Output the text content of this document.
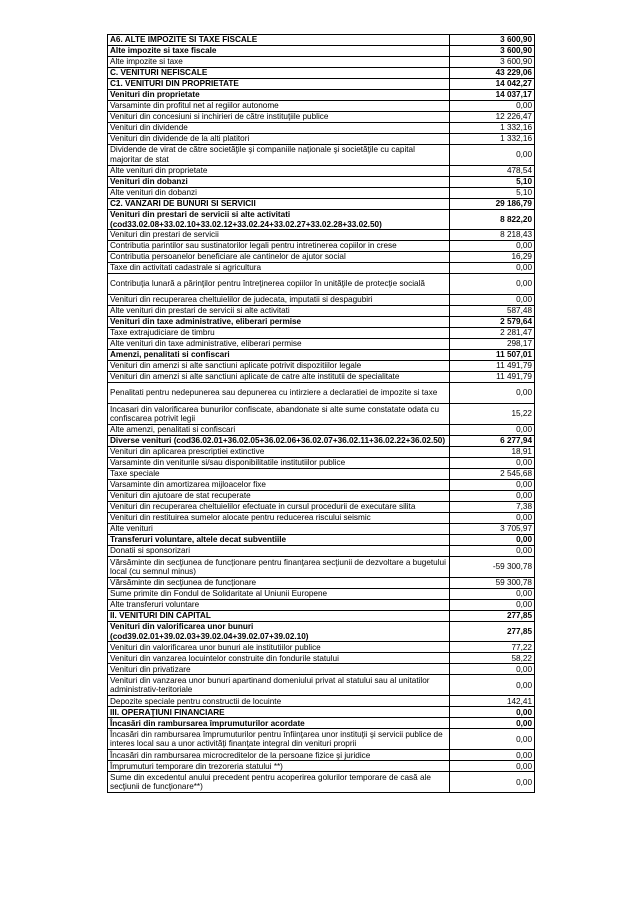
A6. ALTE IMPOZITE SI TAXE FISCALE	3 600,90
Alte impozite si taxe fiscale	3 600,90
Alte impozite si taxe	3 600,90
C. VENITURI NEFISCALE	43 229,06
C1. VENITURI DIN PROPRIETATE	14 042,27
Venituri din proprietate	14 037,17
Varsaminte din profitul net al regiilor autonome	0,00
Venituri din concesiuni si inchirieri de către instituţiile publice	12 226,47
Venituri din dividende	1 332,16
Venituri din dividende de la alti platitori	1 332,16
Dividende de virat de către societăţile şi companiile naţionale şi societăţile cu capital majoritar de stat	0,00
Alte venituri din proprietate	478,54
Venituri din dobanzi	5,10
Alte venituri din dobanzi	5,10
C2. VANZARI DE BUNURI SI SERVICII	29 186,79
Venituri din prestari de servicii si alte activitati (cod33.02.08+33.02.10+33.02.12+33.02.24+33.02.27+33.02.28+33.02.50)	8 822,20
Venituri din prestari de servicii	8 218,43
Contributia parintilor sau sustinatorilor legali pentru intretinerea copiilor in crese	0,00
Contributia persoanelor beneficiare ale cantinelor de ajutor social	16,29
Taxe din activitati cadastrale si agricultura	0,00
Contribuţia lunară a părinţilor pentru întreţinerea copiilor în unităţile de protecţie socială	0,00
Venituri din recuperarea cheltuielilor de judecata, imputatii si despagubiri	0,00
Alte venituri din prestari de servicii si alte activitati	587,48
Venituri din taxe administrative, eliberari permise	2 579,64
Taxe extrajudiciare de timbru	2 281,47
Alte venituri din taxe administrative, eliberari permise	298,17
Amenzi, penalitati si confiscari	11 507,01
Venituri din amenzi si alte sanctiuni aplicate potrivit dispozitiilor legale	11 491,79
Venituri din amenzi si alte sanctiuni aplicate de catre alte institutii de specialitate	11 491,79
Penalitati pentru nedepunerea sau depunerea cu intirziere a declaratiei de impozite si taxe	0,00
Incasari din valorificarea bunurilor confiscate, abandonate si alte sume constatate odata cu confiscarea potrivit legii	15,22
Alte amenzi, penalitati si confiscari	0,00
Diverse venituri (cod36.02.01+36.02.05+36.02.06+36.02.07+36.02.11+36.02.22+36.02.50)	6 277,94
Venituri din aplicarea prescriptiei extinctive	18,91
Varsaminte din veniturile si/sau disponibilitatile institutiilor publice	0,00
Taxe speciale	2 545,68
Varsaminte din amortizarea mijloacelor fixe	0,00
Venituri din ajutoare de stat recuperate	0,00
Venituri din recuperarea cheltuielilor efectuate in cursul procedurii de executare silita	7,38
Venituri din restituirea sumelor alocate pentru reducerea riscului seismic	0,00
Alte venituri	3 705,97
Transferuri voluntare, altele decat subventiile	0,00
Donatii si sponsorizari	0,00
Vărsăminte din secţiunea de funcţionare pentru finanţarea secţiunii de dezvoltare a bugetului local (cu semnul minus)	-59 300,78
Vărsăminte din secţiunea de funcţionare	59 300,78
Sume primite din Fondul de Solidaritate al Uniunii Europene	0,00
Alte transferuri voluntare	0,00
II. VENITURI DIN CAPITAL	277,85
Venituri din valorificarea unor bunuri (cod39.02.01+39.02.03+39.02.04+39.02.07+39.02.10)	277,85
Venituri din valorificarea unor bunuri ale institutiilor publice	77,22
Venituri din vanzarea locuintelor construite din fondurile statului	58,22
Venituri din privatizare	0,00
Venituri din vanzarea unor bunuri apartinand domeniului privat al statului sau al unitatilor administrativ-teritoriale	0,00
Depozite speciale pentru constructii de locuinte	142,41
III. OPERAŢIUNI FINANCIARE	0,00
Încasări din rambursarea împrumuturilor acordate	0,00
Încasări din rambursarea împrumuturilor pentru înfiinţarea unor instituţii şi servicii publice de interes local sau a unor activităţi finanţate integral din venituri proprii	0,00
Încasări din rambursarea microcreditelor de la persoane fizice şi juridice	0,00
Împrumuturi temporare din trezoreria statului **)	0,00
Sume din excedentul anului precedent pentru acoperirea golurilor temporare de casă ale secţiunii de funcţionare**)	0,00
